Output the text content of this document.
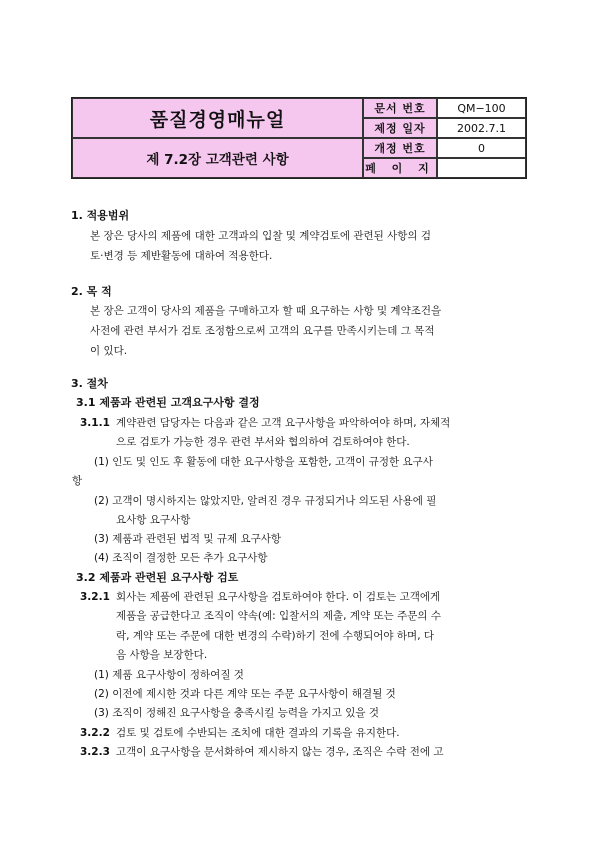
품질경영매뉴얼
제 7.2장 고객관련 사항
문서 번호	QM−100
제정 일자	2002.7.1
개정 번호	0
페 이 지
1. 적용범위
본 장은 당사의 제품에 대한 고객과의 입찰 및 계약검토에 관련된 사항의 검
토·변경 등 제반활동에 대하여 적용한다.
2. 목 적
본 장은 고객이 당사의 제품을 구매하고자 할 때 요구하는 사항 및 계약조건을
사전에 관련 부서가 검토 조정함으로써 고객의 요구를 만족시키는데 그 목적
이 있다.
3. 절차
3.1 제품과 관련된 고객요구사항 결정
3.1.1 계약관련 담당자는 다음과 같은 고객 요구사항을 파악하여야 하며, 자체적
으로 검토가 가능한 경우 관련 부서와 협의하여 검토하여야 한다.
(1) 인도 및 인도 후 활동에 대한 요구사항을 포함한, 고객이 규정한 요구사
항
(2) 고객이 명시하지는 않았지만, 알려진 경우 규정되거나 의도된 사용에 필
요사항 요구사항
(3) 제품과 관련된 법적 및 규제 요구사항
(4) 조직이 결정한 모든 추가 요구사항
3.2 제품과 관련된 요구사항 검토
3.2.1 회사는 제품에 관련된 요구사항을 검토하여야 한다. 이 검토는 고객에게
제품을 공급한다고 조직이 약속(예: 입찰서의 제출, 계약 또는 주문의 수
락, 계약 또는 주문에 대한 변경의 수락)하기 전에 수행되어야 하며, 다
음 사항을 보장한다.
(1) 제품 요구사항이 정하여질 것
(2) 이전에 제시한 것과 다른 계약 또는 주문 요구사항이 해결될 것
(3) 조직이 정해진 요구사항을 충족시킬 능력을 가지고 있을 것
3.2.2 검토 및 검토에 수반되는 조치에 대한 결과의 기록을 유지한다.
3.2.3 고객이 요구사항을 문서화하여 제시하지 않는 경우, 조직은 수락 전에 고
